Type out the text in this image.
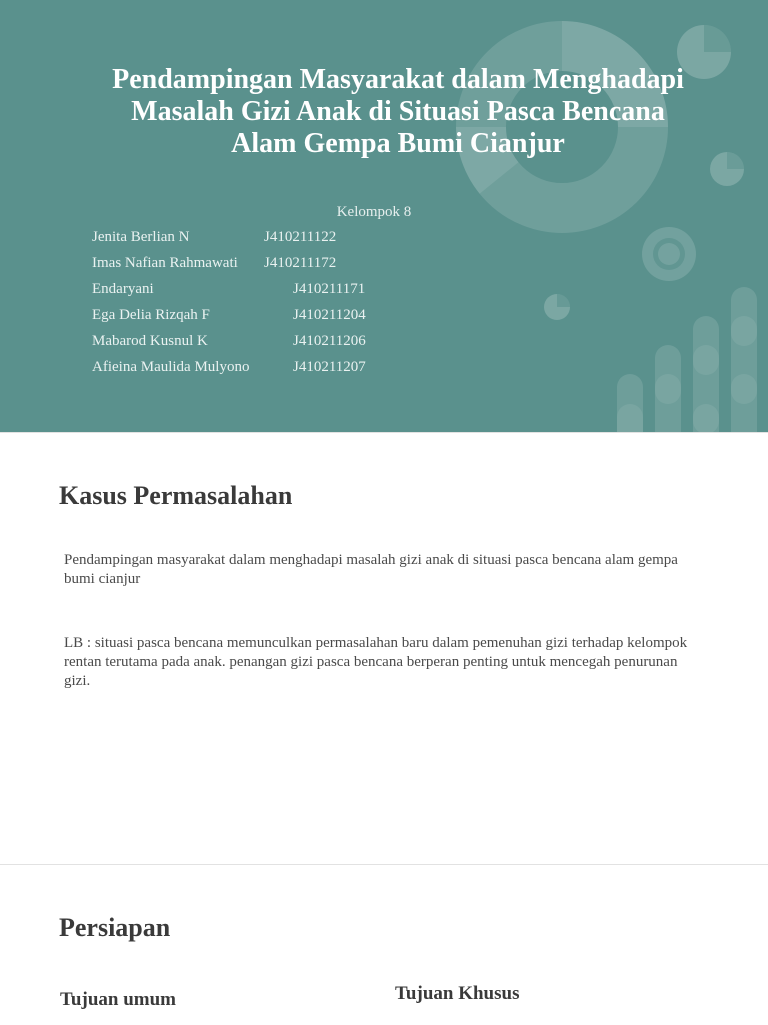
Pendampingan Masyarakat dalam Menghadapi
Masalah Gizi Anak di Situasi Pasca Bencana
Alam Gempa Bumi Cianjur
Kelompok 8
Jenita Berlian N	J410211122
Imas Nafian Rahmawati J410211172
Endaryani	J410211171
Ega Delia Rizqah F	J410211204
Mabarod Kusnul K	J410211206
Afieina Maulida Mulyono	J410211207
Kasus Permasalahan

Pendampingan masyarakat dalam menghadapi masalah gizi anak di situasi pasca bencana alam gempa bumi cianjur

LB : situasi pasca bencana memunculkan permasalahan baru dalam pemenuhan gizi terhadap kelompok rentan terutama pada anak. penangan gizi pasca bencana berperan penting untuk mencegah penurunan gizi.

Persiapan
Tujuan umum	Tujuan Khusus
